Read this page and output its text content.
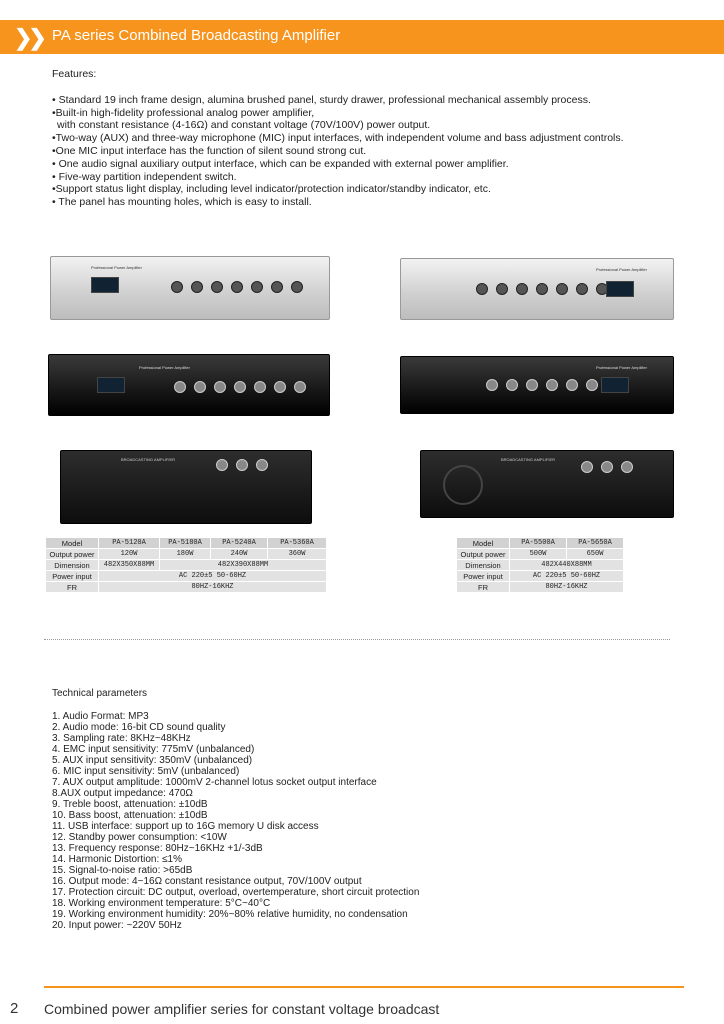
❯❯ PA series Combined Broadcasting Amplifier
Features:
• Standard 19 inch frame design, alumina brushed panel, sturdy drawer, professional mechanical assembly process.
•Built-in high-fidelity professional analog power amplifier,
with constant resistance (4-16Ω) and constant voltage (70V/100V) power output.
•Two-way (AUX) and three-way microphone (MIC) input interfaces, with independent volume and bass adjustment controls.
•One MIC input interface has the function of silent sound strong cut.
• One audio signal auxiliary output interface, which can be expanded with external power amplifier.
• Five-way partition independent switch.
•Support status light display, including level indicator/protection indicator/standby indicator, etc.
• The panel has mounting holes, which is easy to install.
Professional Power Amplifier
Professional Power Amplifier
BROADCASTING AMPLIFIER
Professional Power Amplifier
Professional Power Amplifier
BROADCASTING AMPLIFIER
Model	PA-5120A	PA-5180A	PA-5240A	PA-5360A
Output power	120W	180W	240W	360W
Dimension	482X350X88MM	482X390X88MM		
Power input	AC 220±5 50-60HZ			
FR	80HZ-16KHZ			
Model	PA-5500A	PA-5650A
Output power	500W	650W
Dimension	482X440X88MM	
Power input	AC 220±5 50-60HZ	
FR	80HZ-16KHZ	
Technical parameters
1. Audio Format: MP3
2. Audio mode: 16-bit CD sound quality
3. Sampling rate: 8KHz~48KHz
4. EMC input sensitivity: 775mV (unbalanced)
5. AUX input sensitivity: 350mV (unbalanced)
6. MIC input sensitivity: 5mV (unbalanced)
7. AUX output amplitude: 1000mV 2-channel lotus socket output interface
8.AUX output impedance: 470Ω
9. Treble boost, attenuation: ±10dB
10. Bass boost, attenuation: ±10dB
11. USB interface: support up to 16G memory U disk access
12. Standby power consumption: <10W
13. Frequency response: 80Hz~16KHz +1/-3dB
14. Harmonic Distortion: ≤1%
15. Signal-to-noise ratio: >65dB
16. Output mode: 4~16Ω constant resistance output, 70V/100V output
17. Protection circuit: DC output, overload, overtemperature, short circuit protection
18. Working environment temperature: 5°C~40°C
19. Working environment humidity: 20%~80% relative humidity, no condensation
20. Input power: ~220V 50Hz
2 Combined power amplifier series for constant voltage broadcast
